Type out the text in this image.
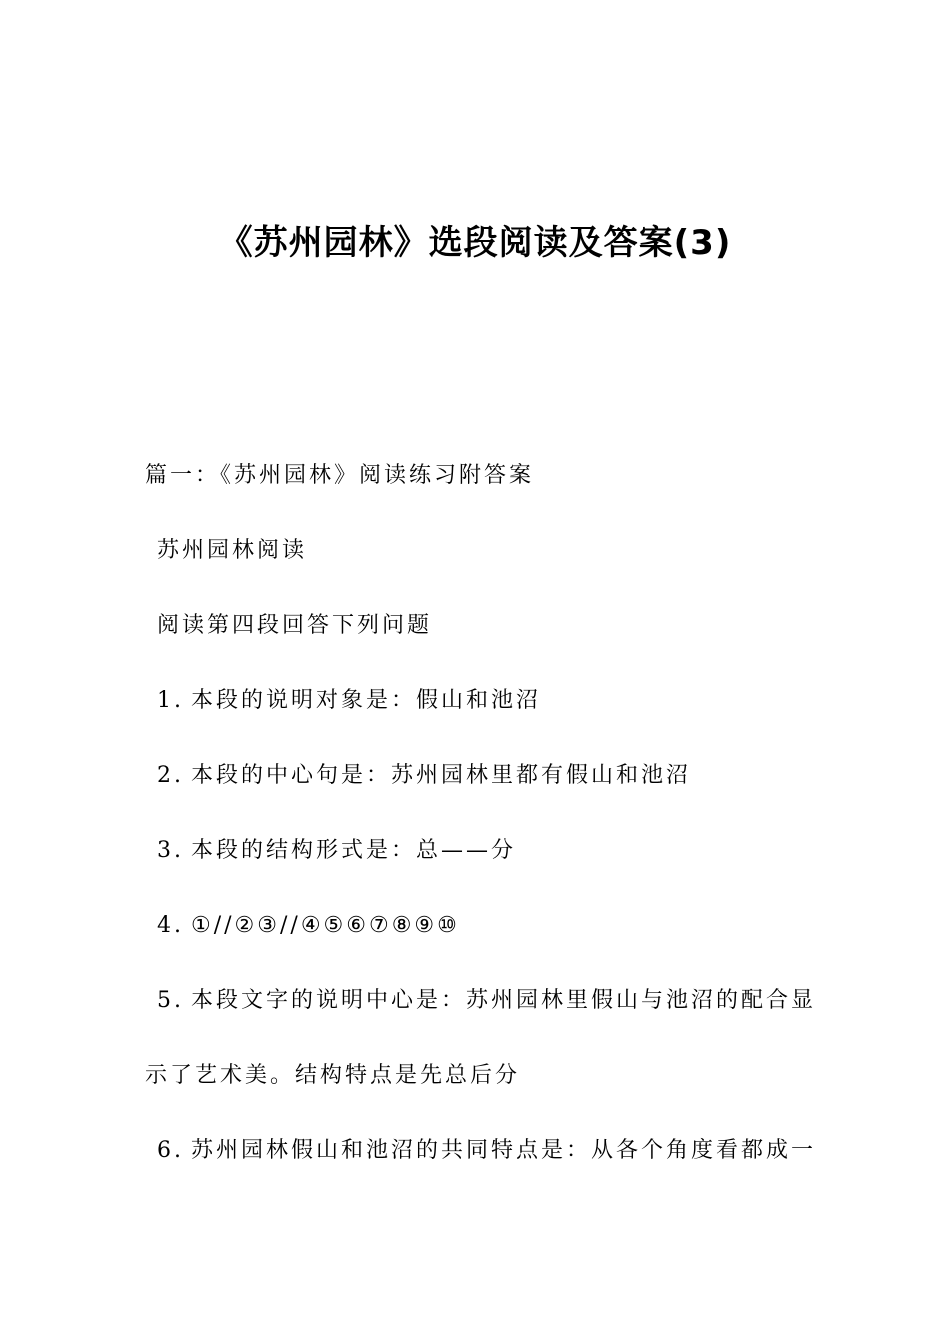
《苏州园林》选段阅读及答案(3)

篇一：《苏州园林》阅读练习附答案

苏州园林阅读

阅读第四段回答下列问题

1. 本段的说明对象是：假山和池沼

2. 本段的中心句是：苏州园林里都有假山和池沼

3. 本段的结构形式是：总——分

4. ①//②③//④⑤⑥⑦⑧⑨⑩

5. 本段文字的说明中心是：苏州园林里假山与池沼的配合显

示了艺术美。结构特点是先总后分

6. 苏州园林假山和池沼的共同特点是：从各个角度看都成一
